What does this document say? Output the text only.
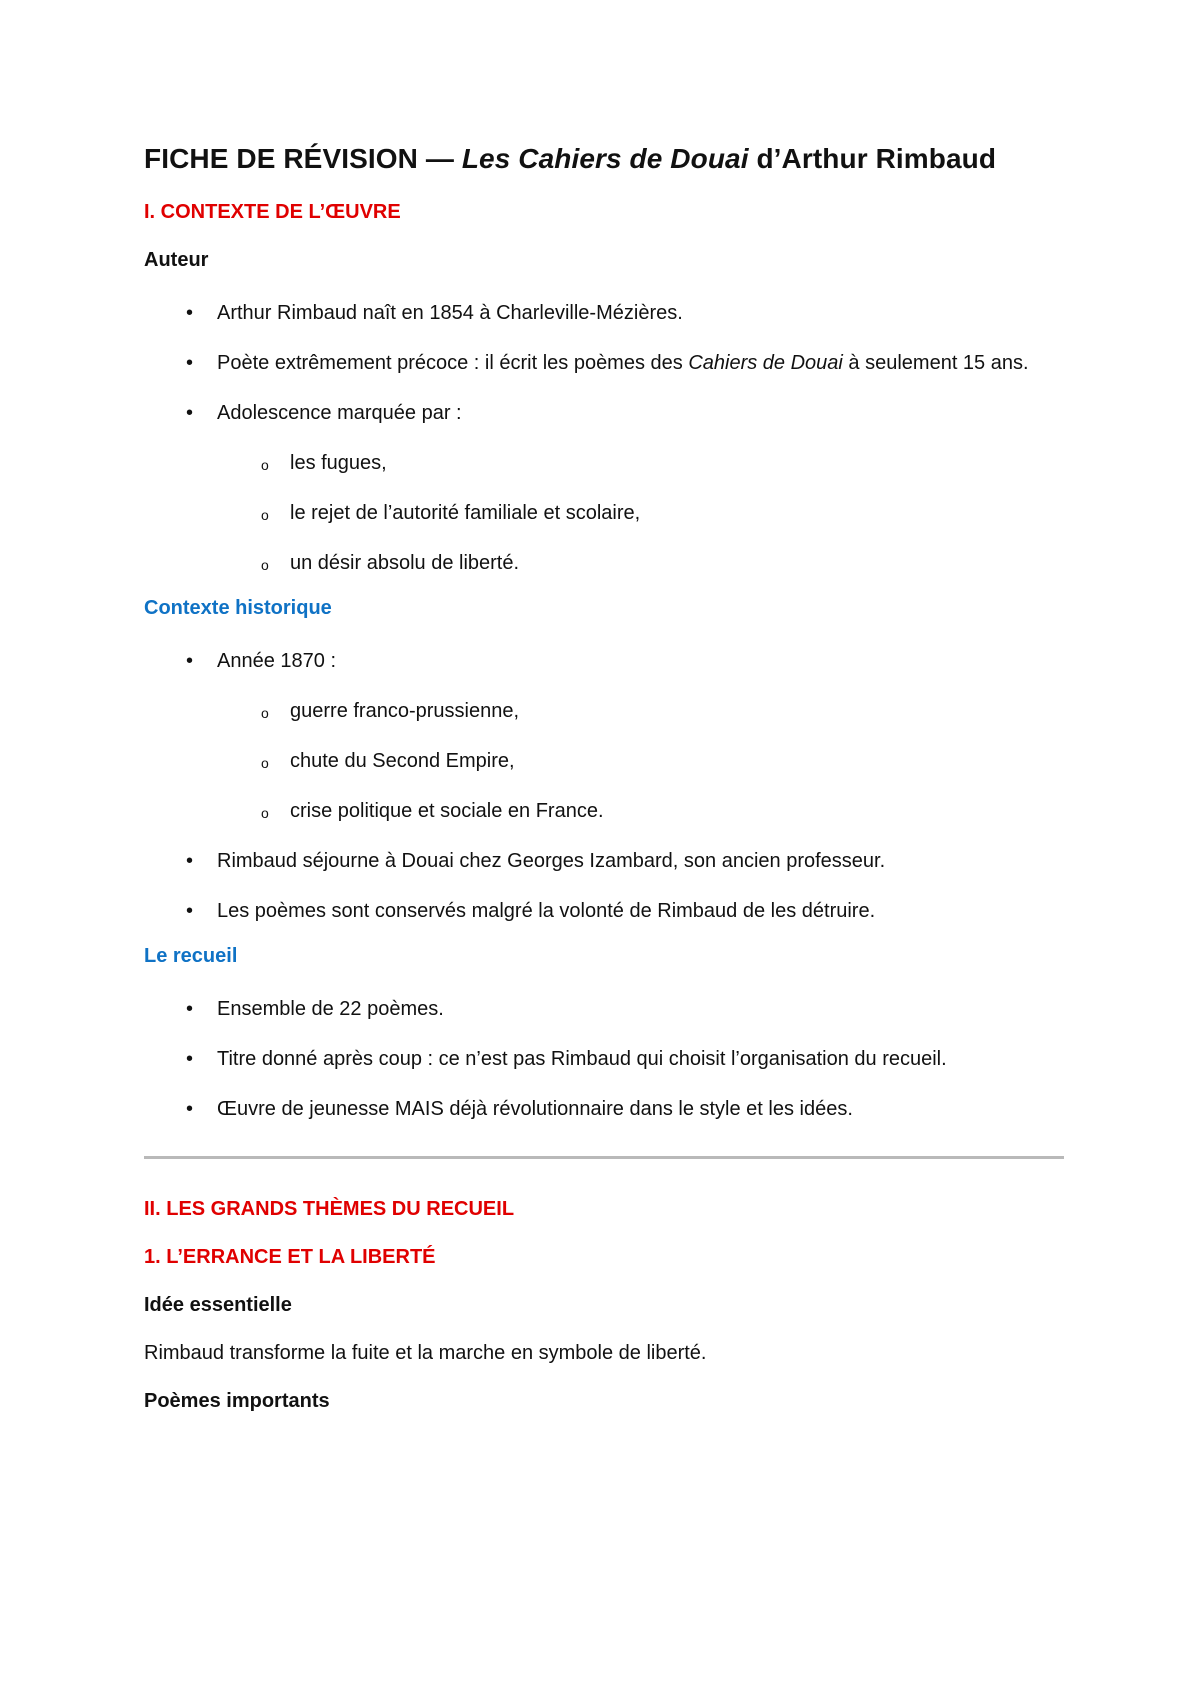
FICHE DE RÉVISION — Les Cahiers de Douai d’Arthur Rimbaud
I. CONTEXTE DE L’ŒUVRE
Auteur
• Arthur Rimbaud naît en 1854 à Charleville-Mézières.
• Poète extrêmement précoce : il écrit les poèmes des Cahiers de Douai à seulement 15 ans.
• Adolescence marquée par :
o les fugues,
o le rejet de l’autorité familiale et scolaire,
o un désir absolu de liberté.
Contexte historique
• Année 1870 :
o guerre franco-prussienne,
o chute du Second Empire,
o crise politique et sociale en France.
• Rimbaud séjourne à Douai chez Georges Izambard, son ancien professeur.
• Les poèmes sont conservés malgré la volonté de Rimbaud de les détruire.
Le recueil
• Ensemble de 22 poèmes.
• Titre donné après coup : ce n’est pas Rimbaud qui choisit l’organisation du recueil.
• Œuvre de jeunesse MAIS déjà révolutionnaire dans le style et les idées.
II. LES GRANDS THÈMES DU RECUEIL
1. L’ERRANCE ET LA LIBERTÉ
Idée essentielle
Rimbaud transforme la fuite et la marche en symbole de liberté.
Poèmes importants
